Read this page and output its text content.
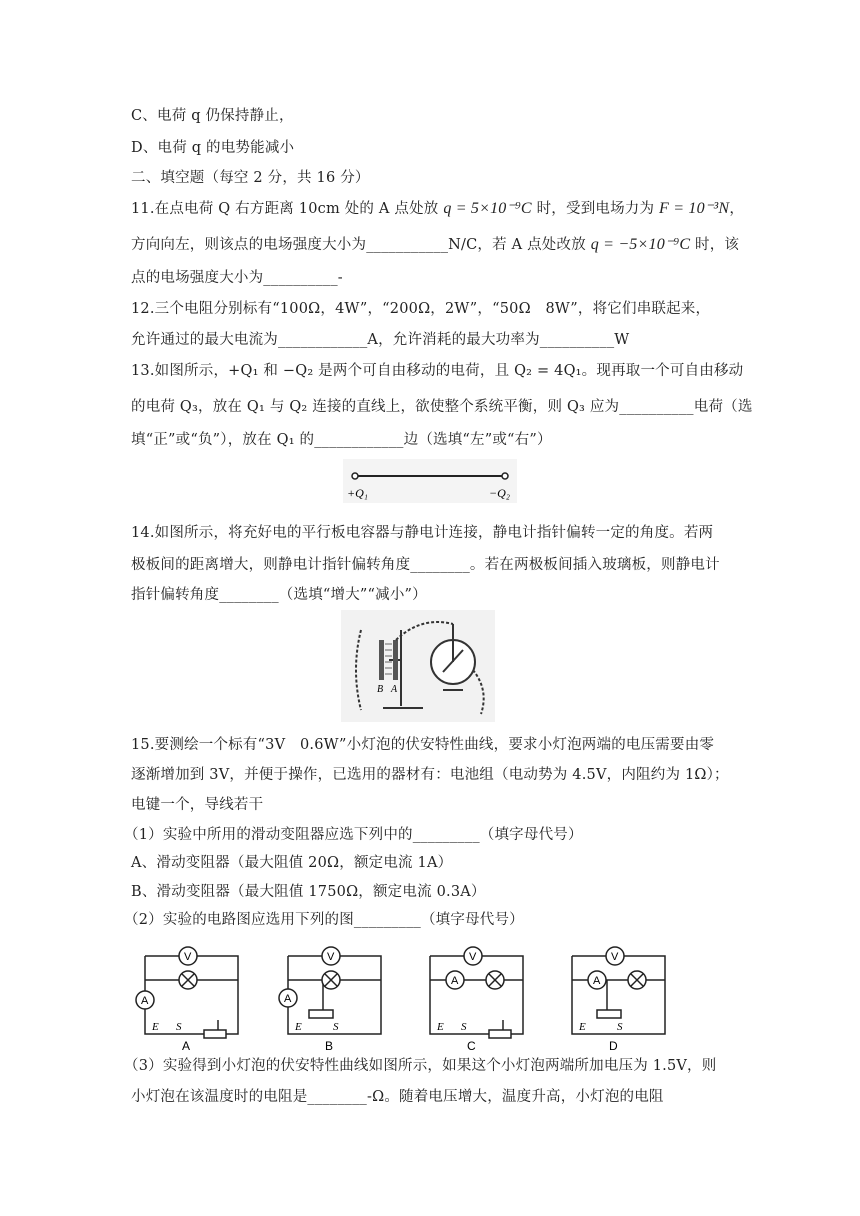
C、电荷 q 仍保持静止，
D、电荷 q 的电势能减小
二、填空题（每空 2 分，共 16 分）
11.在点电荷 Q 右方距离 10cm 处的 A 点处放 q = 5×10⁻⁹C 时，受到电场力为 F = 10⁻³N，
方向向左，则该点的电场强度大小为___________N/C，若 A 点处改放 q = −5×10⁻⁹C 时，该
点的电场强度大小为__________-
12.三个电阻分别标有“100Ω，4W”，“200Ω，2W”，“50Ω　8W”，将它们串联起来，
允许通过的最大电流为____________A，允许消耗的最大功率为__________W
13.如图所示，+Q₁ 和 −Q₂ 是两个可自由移动的电荷，且 Q₂ = 4Q₁。现再取一个可自由移动
的电荷 Q₃，放在 Q₁ 与 Q₂ 连接的直线上，欲使整个系统平衡，则 Q₃ 应为__________电荷（选
填“正”或“负”），放在 Q₁ 的____________边（选填“左”或“右”）
+Q₁	−Q₂
14.如图所示，将充好电的平行板电容器与静电计连接，静电计指针偏转一定的角度。若两
极板间的距离增大，则静电计指针偏转角度________。若在两极板间插入玻璃板，则静电计
指针偏转角度________（选填“增大”“减小”）
B A
15.要测绘一个标有“3V　0.6W”小灯泡的伏安特性曲线，要求小灯泡两端的电压需要由零
逐渐增加到 3V，并便于操作，已选用的器材有：电池组（电动势为 4.5V，内阻约为 1Ω）；
电键一个，导线若干
（1）实验中所用的滑动变阻器应选下列中的_________（填字母代号）
A、滑动变阻器（最大阻值 20Ω，额定电流 1A）
B、滑动变阻器（最大阻值 1750Ω，额定电流 0.3A）
（2）实验的电路图应选用下列的图_________（填字母代号）
V
A
E S
A
V
A
E	S
B
V
A
E S
C
V
A
E	S
D
（3）实验得到小灯泡的伏安特性曲线如图所示，如果这个小灯泡两端所加电压为 1.5V，则
小灯泡在该温度时的电阻是________-Ω。随着电压增大，温度升高，小灯泡的电阻
